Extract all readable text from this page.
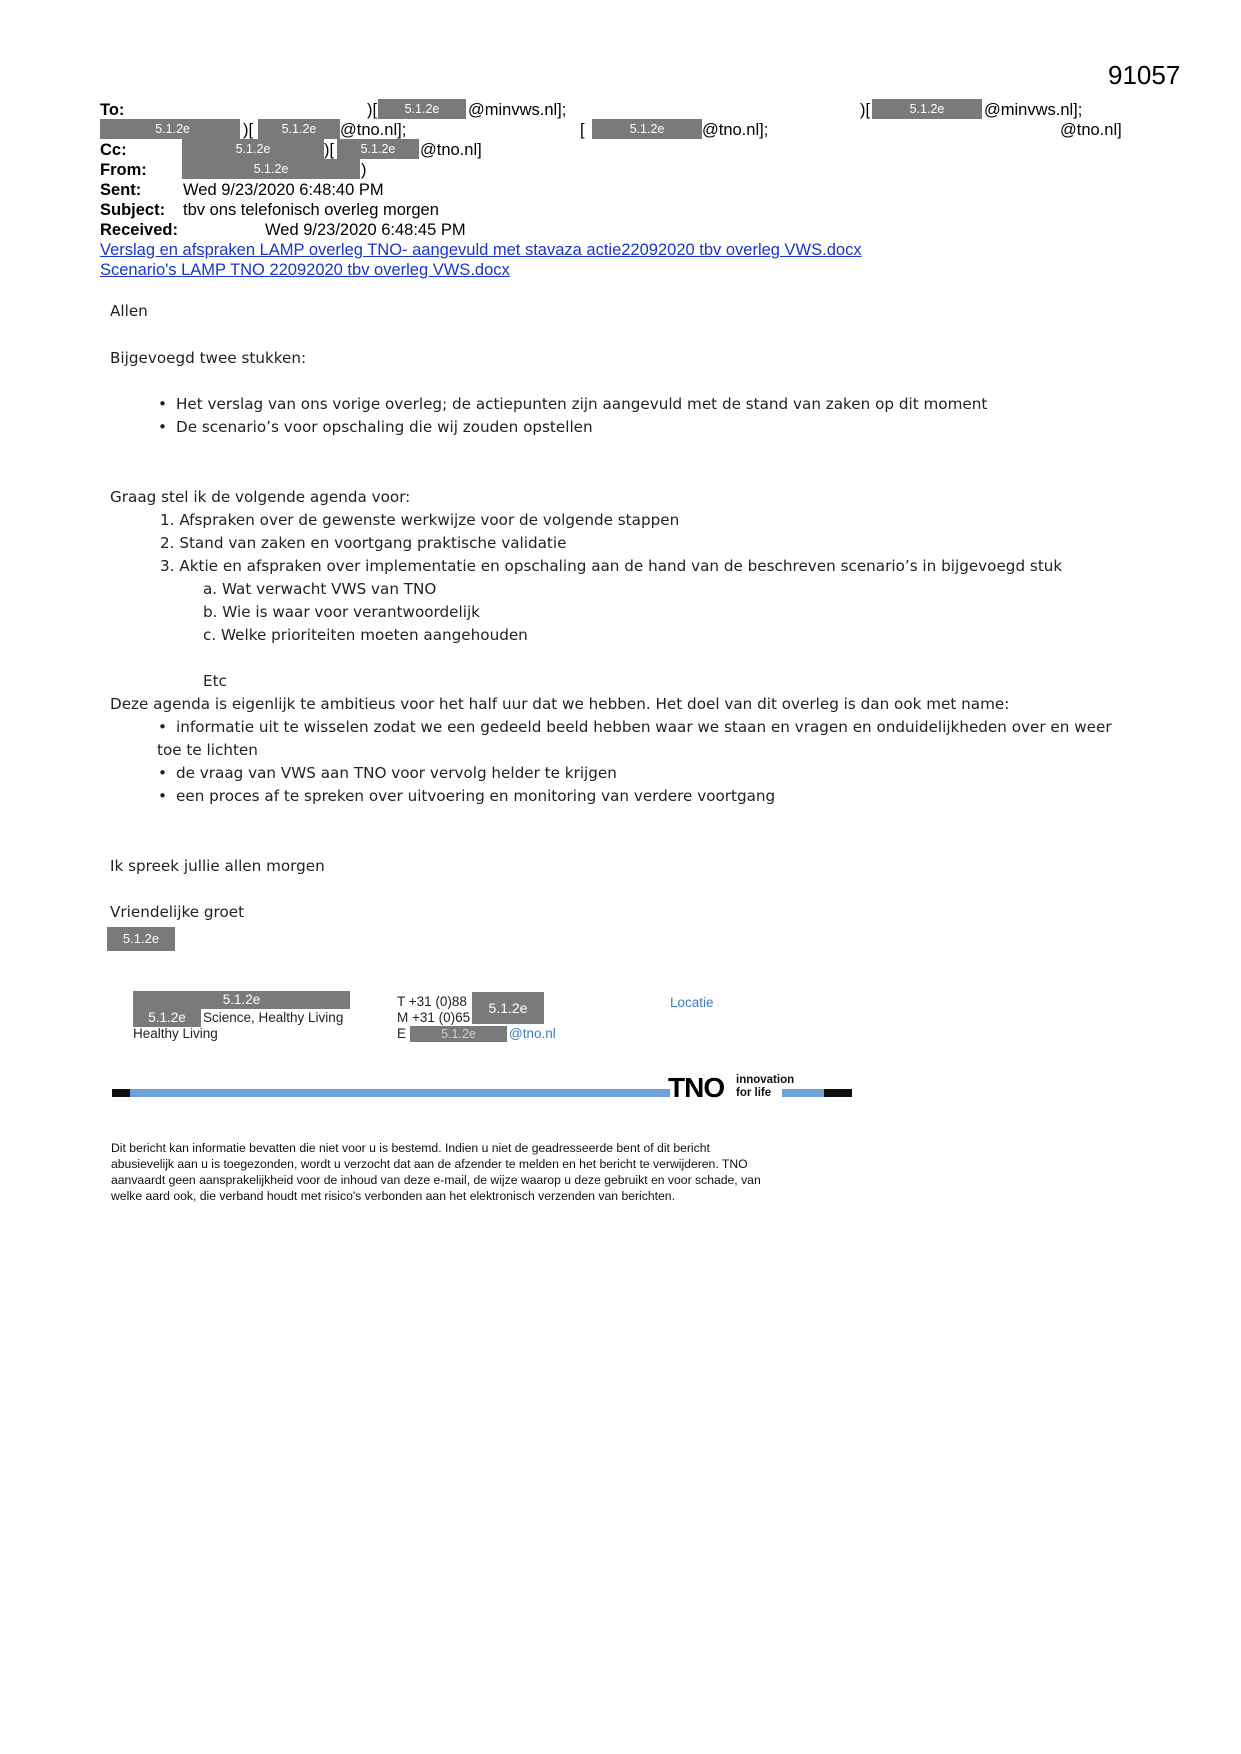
91057
To:	5.1 5.1.2e )[	5.1.2e	@minvws.nl];	5.1.2e	5.1.2e )[	5.1.2e	@minvws.nl];
5.1.2e	)[	5.1.2e	@tno.nl];	5.1. 5.1.2e [	5.1.2e	@tno.nl];	5.1.2e	5.1.2e	@tno.nl]
Cc:	5.1.2e	)[	5.1.2e	@tno.nl]
From:	5.1.2e	)
Sent:	Wed 9/23/2020 6:48:40 PM
Subject: tbv ons telefonisch overleg morgen
Received:	Wed 9/23/2020 6:48:45 PM
Verslag en afspraken LAMP overleg TNO- aangevuld met stavaza actie22092020 tbv overleg VWS.docx
Scenario's LAMP TNO 22092020 tbv overleg VWS.docx
Allen
Bijgevoegd twee stukken:
• Het verslag van ons vorige overleg; de actiepunten zijn aangevuld met de stand van zaken op dit moment
• De scenario’s voor opschaling die wij zouden opstellen
Graag stel ik de volgende agenda voor:
1. Afspraken over de gewenste werkwijze voor de volgende stappen
2. Stand van zaken en voortgang praktische validatie
3. Aktie en afspraken over implementatie en opschaling aan de hand van de beschreven scenario’s in bijgevoegd stuk
a. Wat verwacht VWS van TNO
b. Wie is waar voor verantwoordelijk
c. Welke prioriteiten moeten aangehouden
Etc
Deze agenda is eigenlijk te ambitieus voor het half uur dat we hebben. Het doel van dit overleg is dan ook met name:
• informatie uit te wisselen zodat we een gedeeld beeld hebben waar we staan en vragen en onduidelijkheden over en weer
toe te lichten
• de vraag van VWS aan TNO voor vervolg helder te krijgen
• een proces af te spreken over uitvoering en monitoring van verdere voortgang
Ik spreek jullie allen morgen
Vriendelijke groet
5.1.2e
5.1.2e
5.1.2e	Science, Healthy Living
Healthy Living
T +31 (0)88
M +31 (0)65
5.1.2e
E	5.1.2e	@tno.nl
Locatie
TNO innovation
for life
Dit bericht kan informatie bevatten die niet voor u is bestemd. Indien u niet de geadresseerde bent of dit bericht
abusievelijk aan u is toegezonden, wordt u verzocht dat aan de afzender te melden en het bericht te verwijderen. TNO
aanvaardt geen aansprakelijkheid voor de inhoud van deze e-mail, de wijze waarop u deze gebruikt en voor schade, van
welke aard ook, die verband houdt met risico's verbonden aan het elektronisch verzenden van berichten.
